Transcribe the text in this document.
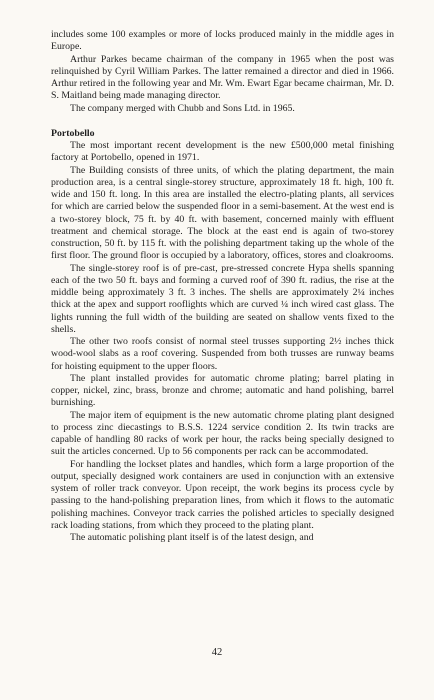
includes some 100 examples or more of locks produced mainly in the middle ages in Europe.

Arthur Parkes became chairman of the company in 1965 when the post was relinquished by Cyril William Parkes. The latter remained a director and died in 1966. Arthur retired in the following year and Mr. Wm. Ewart Egar became chairman, Mr. D. S. Maitland being made managing director.

The company merged with Chubb and Sons Ltd. in 1965.

Portobello

The most important recent development is the new £500,000 metal finishing factory at Portobello, opened in 1971.

The Building consists of three units, of which the plating department, the main production area, is a central single-storey structure, approximately 18 ft. high, 100 ft. wide and 150 ft. long. In this area are installed the electro-plating plants, all services for which are carried below the suspended floor in a semi-basement. At the west end is a two-storey block, 75 ft. by 40 ft. with basement, concerned mainly with effluent treatment and chemical storage. The block at the east end is again of two-storey construction, 50 ft. by 115 ft. with the polishing department taking up the whole of the first floor. The ground floor is occupied by a laboratory, offices, stores and cloakrooms.

The single-storey roof is of pre-cast, pre-stressed concrete Hypa shells spanning each of the two 50 ft. bays and forming a curved roof of 390 ft. radius, the rise at the middle being approximately 3 ft. 3 inches. The shells are approximately 2¼ inches thick at the apex and support rooflights which are curved ¼ inch wired cast glass. The lights running the full width of the building are seated on shallow vents fixed to the shells.

The other two roofs consist of normal steel trusses supporting 2½ inches thick wood-wool slabs as a roof covering. Suspended from both trusses are runway beams for hoisting equipment to the upper floors.

The plant installed provides for automatic chrome plating; barrel plating in copper, nickel, zinc, brass, bronze and chrome; automatic and hand polishing, barrel burnishing.

The major item of equipment is the new automatic chrome plating plant designed to process zinc diecastings to B.S.S. 1224 service condition 2. Its twin tracks are capable of handling 80 racks of work per hour, the racks being specially designed to suit the articles concerned. Up to 56 components per rack can be accommodated.

For handling the lockset plates and handles, which form a large proportion of the output, specially designed work containers are used in conjunction with an extensive system of roller track conveyor. Upon receipt, the work begins its process cycle by passing to the hand-polishing preparation lines, from which it flows to the automatic polishing machines. Conveyor track carries the polished articles to specially designed rack loading stations, from which they proceed to the plating plant.

The automatic polishing plant itself is of the latest design, and

42
